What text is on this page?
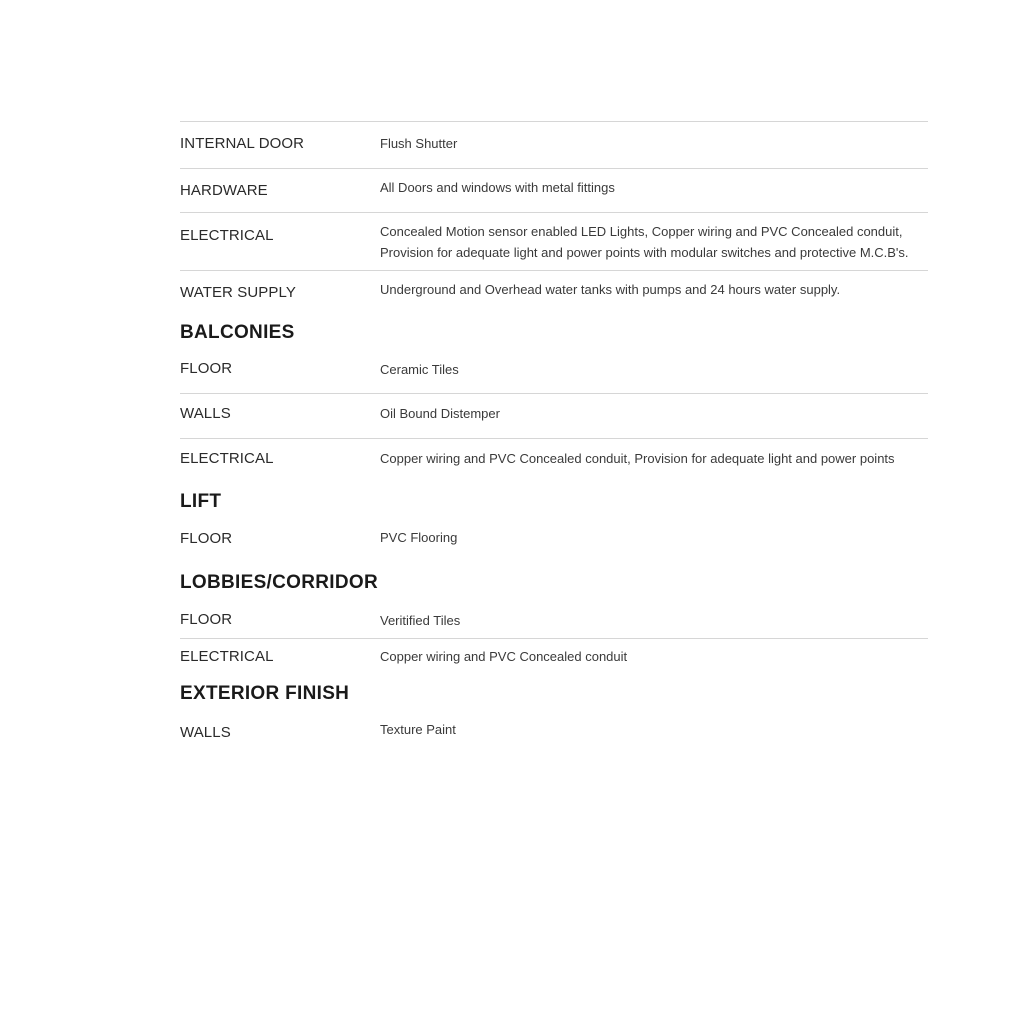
INTERNAL DOOR	Flush Shutter
HARDWARE	All Doors and windows with metal fittings
ELECTRICAL	Concealed Motion sensor enabled LED Lights, Copper wiring and PVC Concealed conduit, Provision for adequate light and power points with modular switches and protective M.C.B's.
WATER SUPPLY	Underground and Overhead water tanks with pumps and 24 hours water supply.
BALCONIES
FLOOR	Ceramic Tiles
WALLS	Oil Bound Distemper
ELECTRICAL	Copper wiring and PVC Concealed conduit, Provision for adequate light and power points
LIFT
FLOOR	PVC Flooring
LOBBIES/CORRIDOR
FLOOR	Veritified Tiles
ELECTRICAL	Copper wiring and PVC Concealed conduit
EXTERIOR FINISH
WALLS	Texture Paint
